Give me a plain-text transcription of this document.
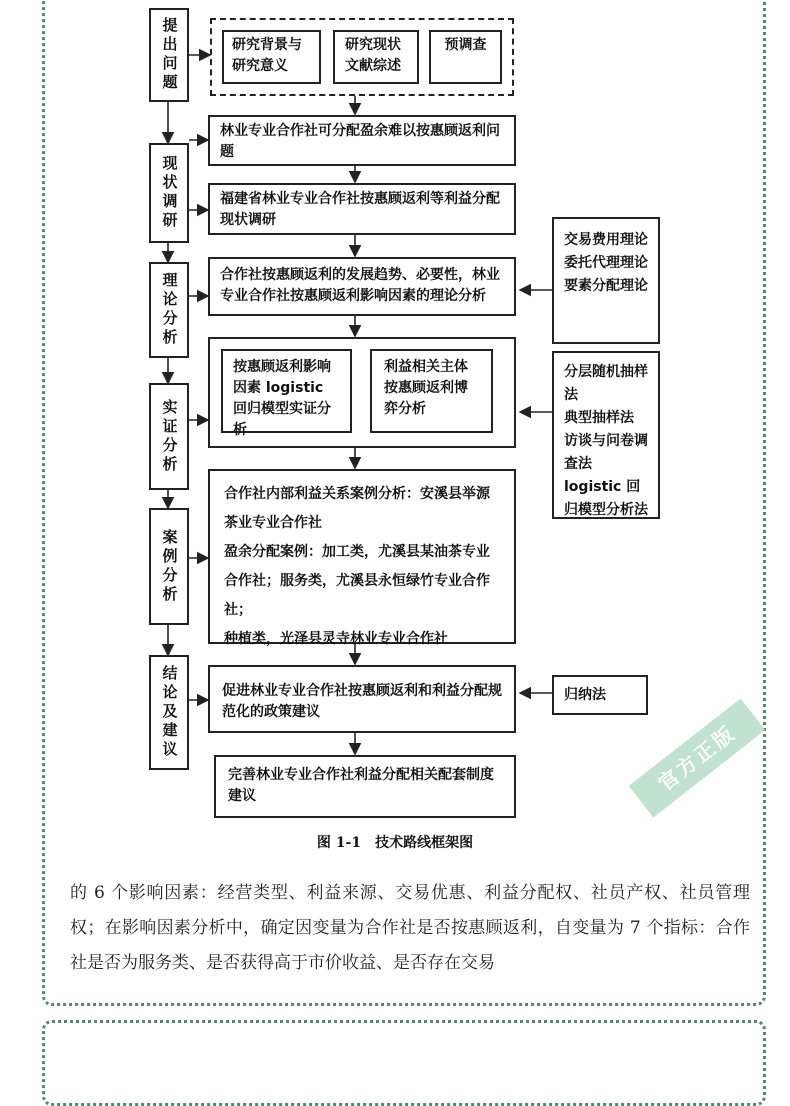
提出问题
现状调研
理论分析
实证分析
案例分析
结论及建议
研究背景与研究意义
研究现状文献综述
预调查
林业专业合作社可分配盈余难以按惠顾返利问题
福建省林业专业合作社按惠顾返利等利益分配现状调研
合作社按惠顾返利的发展趋势、必要性，林业专业合作社按惠顾返利影响因素的理论分析
按惠顾返利影响因素 logistic 回归模型实证分析
利益相关主体按惠顾返利博弈分析

合作社内部利益关系案例分析：安溪县举源茶业专业合作社

盈余分配案例：加工类，尤溪县某油茶专业合作社；服务类，尤溪县永恒绿竹专业合作社；

种植类，光泽县灵寺林业专业合作社

促进林业专业合作社按惠顾返利和利益分配规范化的政策建议
完善林业专业合作社利益分配相关配套制度建议
交易费用理论
委托代理理论
要素分配理论
分层随机抽样法
典型抽样法
访谈与问卷调查法
logistic 回归模型分析法
归纳法
图 1-1　技术路线框架图
的 6 个影响因素：经营类型、利益来源、交易优惠、利益分配权、社员产权、社员管理权；在影响因素分析中，确定因变量为合作社是否按惠顾返利，自变量为 7 个指标：合作社是否为服务类、是否获得高于市价收益、是否存在交易
官方正版
